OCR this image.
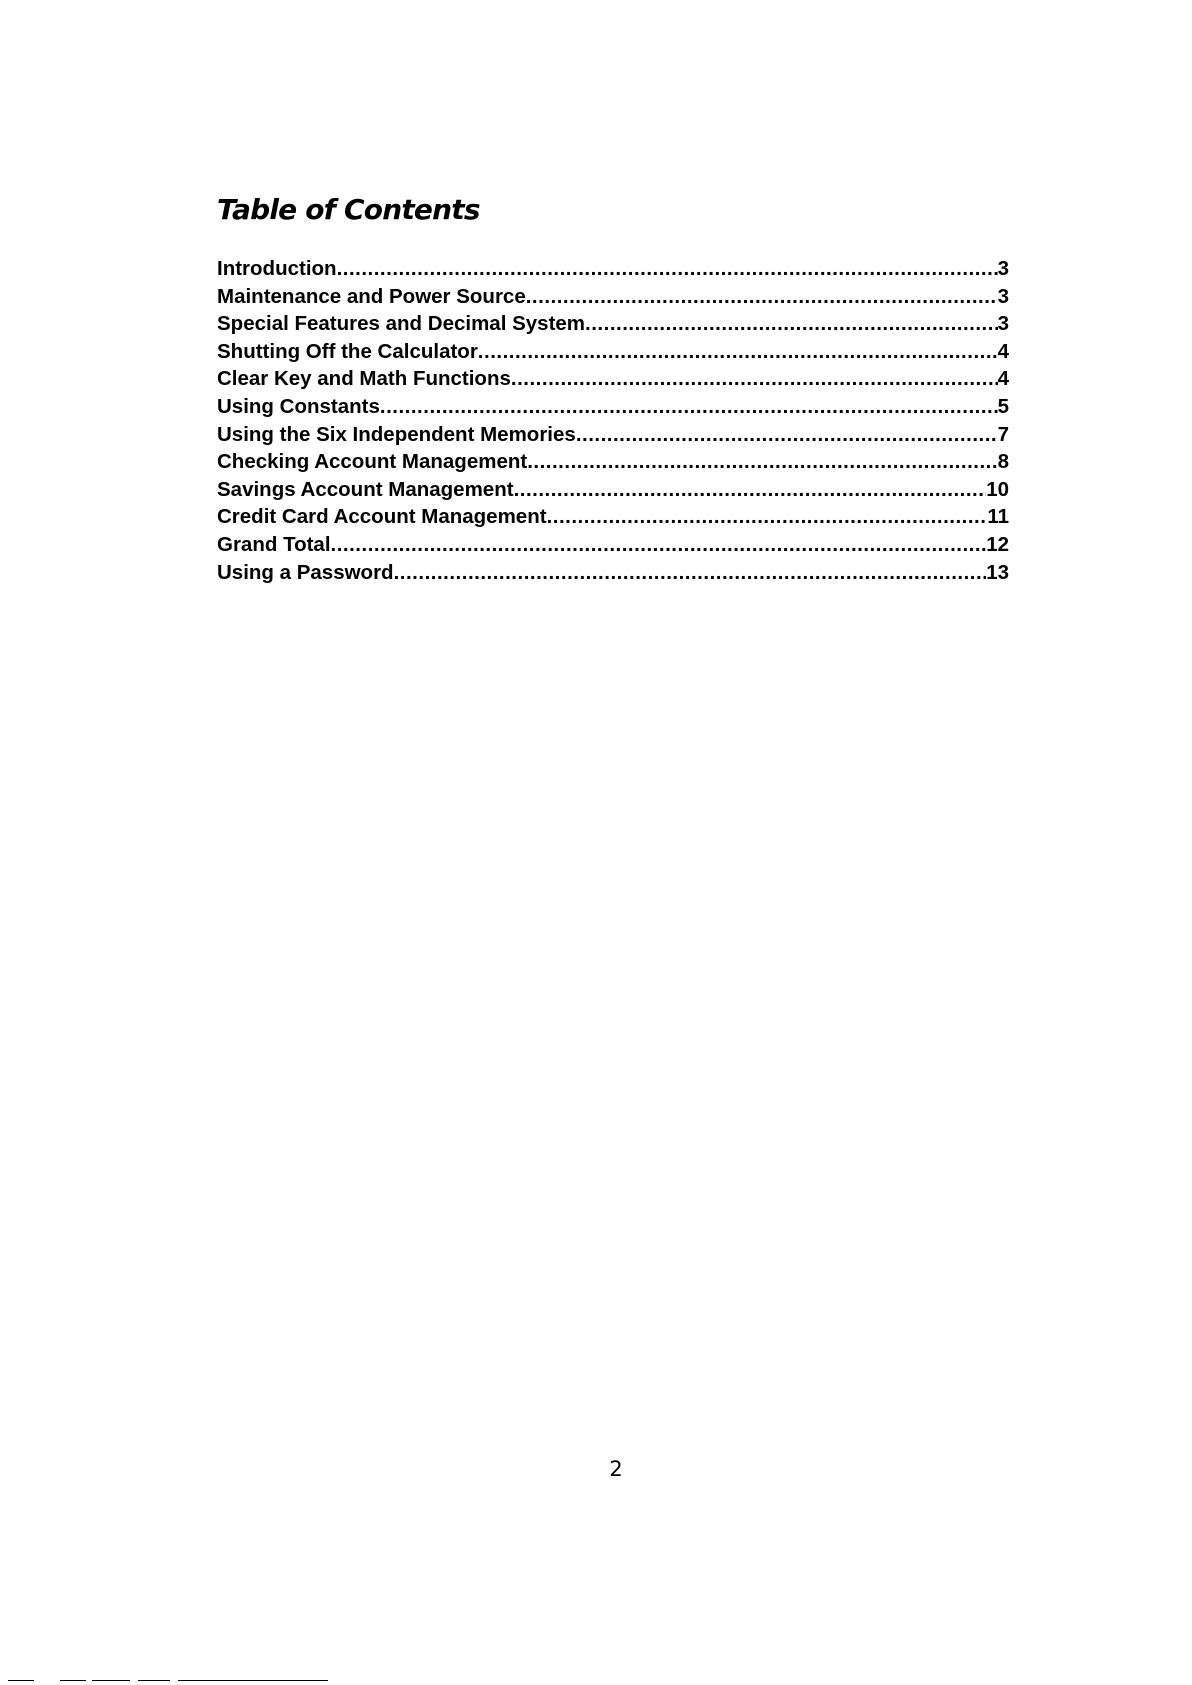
Table of Contents
Introduction .....	3
Maintenance and Power Source .....	3
Special Features and Decimal System .....	3
Shutting Off the Calculator .....	4
Clear Key and Math Functions .....	4
Using Constants .....	5
Using the Six Independent Memories .....	7
Checking Account Management .....	8
Savings Account Management .....	10
Credit Card Account Management .....	11
Grand Total .....	12
Using a Password .....	13

2
